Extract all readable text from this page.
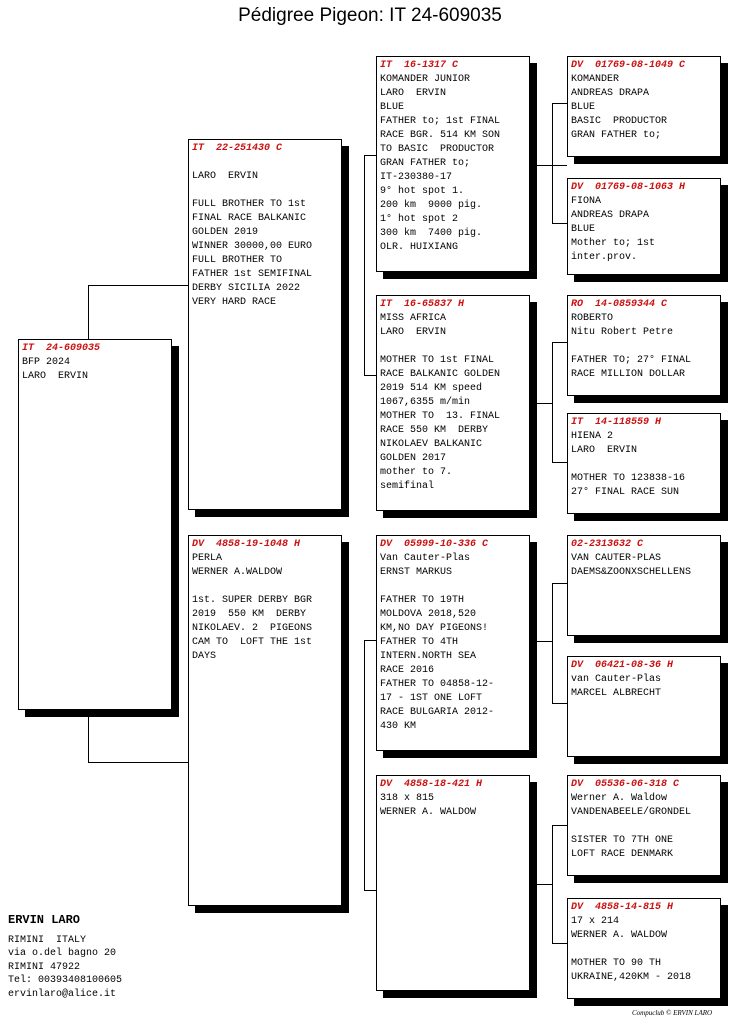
Pédigree Pigeon: IT 24-609035
IT  24-609035
BFP 2024
LARO  ERVIN
IT  22-251430 C
LARO  ERVIN
FULL BROTHER TO 1st
FINAL RACE BALKANIC
GOLDEN 2019
WINNER 30000,00 EURO
FULL BROTHER TO
FATHER 1st SEMIFINAL
DERBY SICILIA 2022
VERY HARD RACE
DV  4858-19-1048 H
PERLA
WERNER A.WALDOW
1st. SUPER DERBY BGR
2019  550 KM  DERBY
NIKOLAEV. 2  PIGEONS
CAM TO  LOFT THE 1st
DAYS
IT  16-1317 C
KOMANDER JUNIOR
LARO  ERVIN
BLUE
FATHER to; 1st FINAL
RACE BGR. 514 KM SON
TO BASIC  PRODUCTOR
GRAN FATHER to;
IT-230380-17
9° hot spot 1.
200 km  9000 pig.
1° hot spot 2
300 km  7400 pig.
OLR. HUIXIANG
IT  16-65837 H
MISS AFRICA
LARO  ERVIN
MOTHER TO 1st FINAL
RACE BALKANIC GOLDEN
2019 514 KM speed
1067,6355 m/min
MOTHER TO  13. FINAL
RACE 550 KM  DERBY
NIKOLAEV BALKANIC
GOLDEN 2017
mother to 7.
semifinal
DV  05999-10-336 C
Van Cauter-Plas
ERNST MARKUS
FATHER TO 19TH
MOLDOVA 2018,520
KM,NO DAY PIGEONS!
FATHER TO 4TH
INTERN.NORTH SEA
RACE 2016
FATHER TO 04858-12-
17 - 1ST ONE LOFT
RACE BULGARIA 2012-
430 KM
DV  4858-18-421 H
318 x 815
WERNER A. WALDOW
DV  01769-08-1049 C
KOMANDER
ANDREAS DRAPA
BLUE
BASIC  PRODUCTOR
GRAN FATHER to;
DV  01769-08-1063 H
FIONA
ANDREAS DRAPA
BLUE
Mother to; 1st
inter.prov.
RO  14-0859344 C
ROBERTO
Nitu Robert Petre
FATHER TO; 27° FINAL
RACE MILLION DOLLAR
IT  14-118559 H
HIENA 2
LARO  ERVIN
MOTHER TO 123838-16
27° FINAL RACE SUN
02-2313632 C
VAN CAUTER-PLAS
DAEMS&ZOONXSCHELLENS
DV  06421-08-36 H
van Cauter-Plas
MARCEL ALBRECHT
DV  05536-06-318 C
Werner A. Waldow
VANDENABEELE/GRONDEL
SISTER TO 7TH ONE
LOFT RACE DENMARK
DV  4858-14-815 H
17 x 214
WERNER A. WALDOW
MOTHER TO 90 TH
UKRAINE,420KM - 2018
ERVIN LARO
RIMINI  ITALY
via o.del bagno 20
RIMINI 47922
Tel: 00393408100605
ervinlaro@alice.it
Compuclub © ERVIN LARO
